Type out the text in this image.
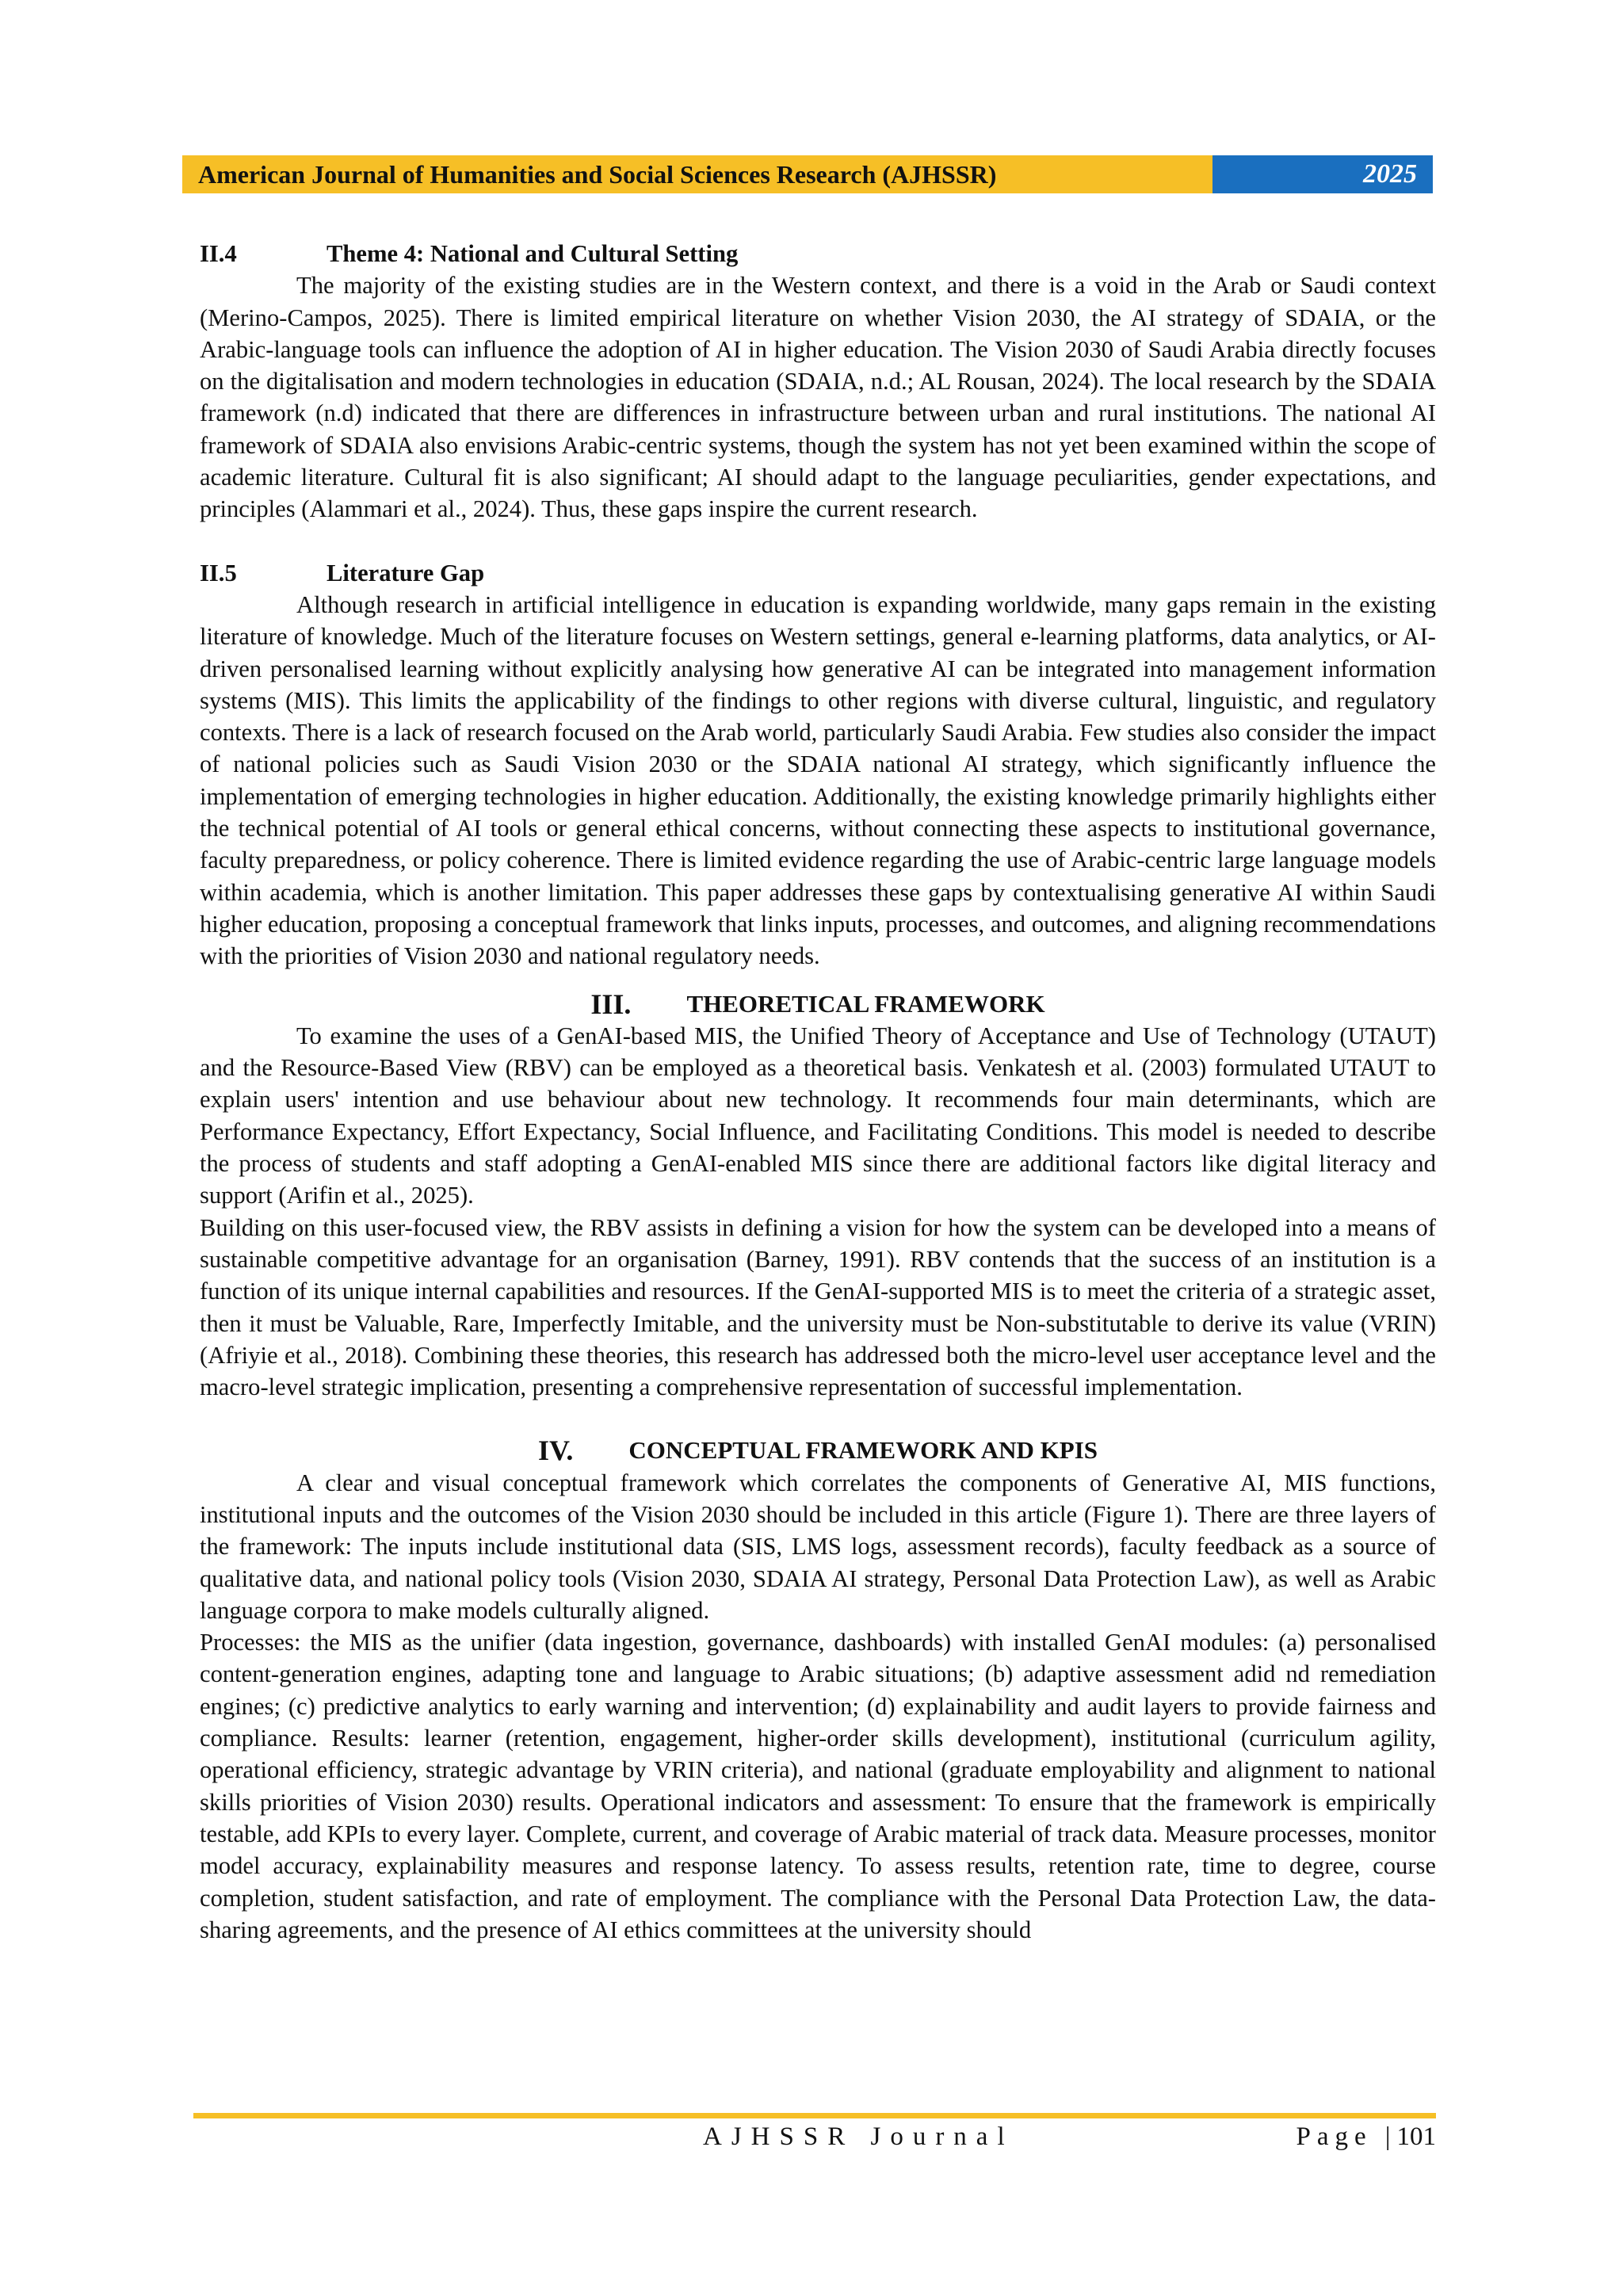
American Journal of Humanities and Social Sciences Research (AJHSSR)	2025
II.4	Theme 4: National and Cultural Setting

The majority of the existing studies are in the Western context, and there is a void in the Arab or Saudi context (Merino-Campos, 2025). There is limited empirical literature on whether Vision 2030, the AI strategy of SDAIA, or the Arabic-language tools can influence the adoption of AI in higher education. The Vision 2030 of Saudi Arabia directly focuses on the digitalisation and modern technologies in education (SDAIA, n.d.; AL Rousan, 2024). The local research by the SDAIA framework (n.d) indicated that there are differences in infrastructure between urban and rural institutions. The national AI framework of SDAIA also envisions Arabic-centric systems, though the system has not yet been examined within the scope of academic literature. Cultural fit is also significant; AI should adapt to the language peculiarities, gender expectations, and principles (Alammari et al., 2024). Thus, these gaps inspire the current research.

II.5	Literature Gap

Although research in artificial intelligence in education is expanding worldwide, many gaps remain in the existing literature of knowledge. Much of the literature focuses on Western settings, general e-learning platforms, data analytics, or AI-driven personalised learning without explicitly analysing how generative AI can be integrated into management information systems (MIS). This limits the applicability of the findings to other regions with diverse cultural, linguistic, and regulatory contexts. There is a lack of research focused on the Arab world, particularly Saudi Arabia. Few studies also consider the impact of national policies such as Saudi Vision 2030 or the SDAIA national AI strategy, which significantly influence the implementation of emerging technologies in higher education. Additionally, the existing knowledge primarily highlights either the technical potential of AI tools or general ethical concerns, without connecting these aspects to institutional governance, faculty preparedness, or policy coherence. There is limited evidence regarding the use of Arabic-centric large language models within academia, which is another limitation. This paper addresses these gaps by contextualising generative AI within Saudi higher education, proposing a conceptual framework that links inputs, processes, and outcomes, and aligning recommendations with the priorities of Vision 2030 and national regulatory needs.

III. THEORETICAL FRAMEWORK

To examine the uses of a GenAI-based MIS, the Unified Theory of Acceptance and Use of Technology (UTAUT) and the Resource-Based View (RBV) can be employed as a theoretical basis. Venkatesh et al. (2003) formulated UTAUT to explain users' intention and use behaviour about new technology. It recommends four main determinants, which are Performance Expectancy, Effort Expectancy, Social Influence, and Facilitating Conditions. This model is needed to describe the process of students and staff adopting a GenAI-enabled MIS since there are additional factors like digital literacy and support (Arifin et al., 2025).

Building on this user-focused view, the RBV assists in defining a vision for how the system can be developed into a means of sustainable competitive advantage for an organisation (Barney, 1991). RBV contends that the success of an institution is a function of its unique internal capabilities and resources. If the GenAI-supported MIS is to meet the criteria of a strategic asset, then it must be Valuable, Rare, Imperfectly Imitable, and the university must be Non-substitutable to derive its value (VRIN) (Afriyie et al., 2018). Combining these theories, this research has addressed both the micro-level user acceptance level and the macro-level strategic implication, presenting a comprehensive representation of successful implementation.

IV. CONCEPTUAL FRAMEWORK AND KPIS

A clear and visual conceptual framework which correlates the components of Generative AI, MIS functions, institutional inputs and the outcomes of the Vision 2030 should be included in this article (Figure 1). There are three layers of the framework: The inputs include institutional data (SIS, LMS logs, assessment records), faculty feedback as a source of qualitative data, and national policy tools (Vision 2030, SDAIA AI strategy, Personal Data Protection Law), as well as Arabic language corpora to make models culturally aligned.

Processes: the MIS as the unifier (data ingestion, governance, dashboards) with installed GenAI modules: (a) personalised content-generation engines, adapting tone and language to Arabic situations; (b) adaptive assessment adid nd remediation engines; (c) predictive analytics to early warning and intervention; (d) explainability and audit layers to provide fairness and compliance. Results: learner (retention, engagement, higher-order skills development), institutional (curriculum agility, operational efficiency, strategic advantage by VRIN criteria), and national (graduate employability and alignment to national skills priorities of Vision 2030) results. Operational indicators and assessment: To ensure that the framework is empirically testable, add KPIs to every layer. Complete, current, and coverage of Arabic material of track data. Measure processes, monitor model accuracy, explainability measures and response latency. To assess results, retention rate, time to degree, course completion, student satisfaction, and rate of employment. The compliance with the Personal Data Protection Law, the data-sharing agreements, and the presence of AI ethics committees at the university should

AJHSSR Journal	Page |101
